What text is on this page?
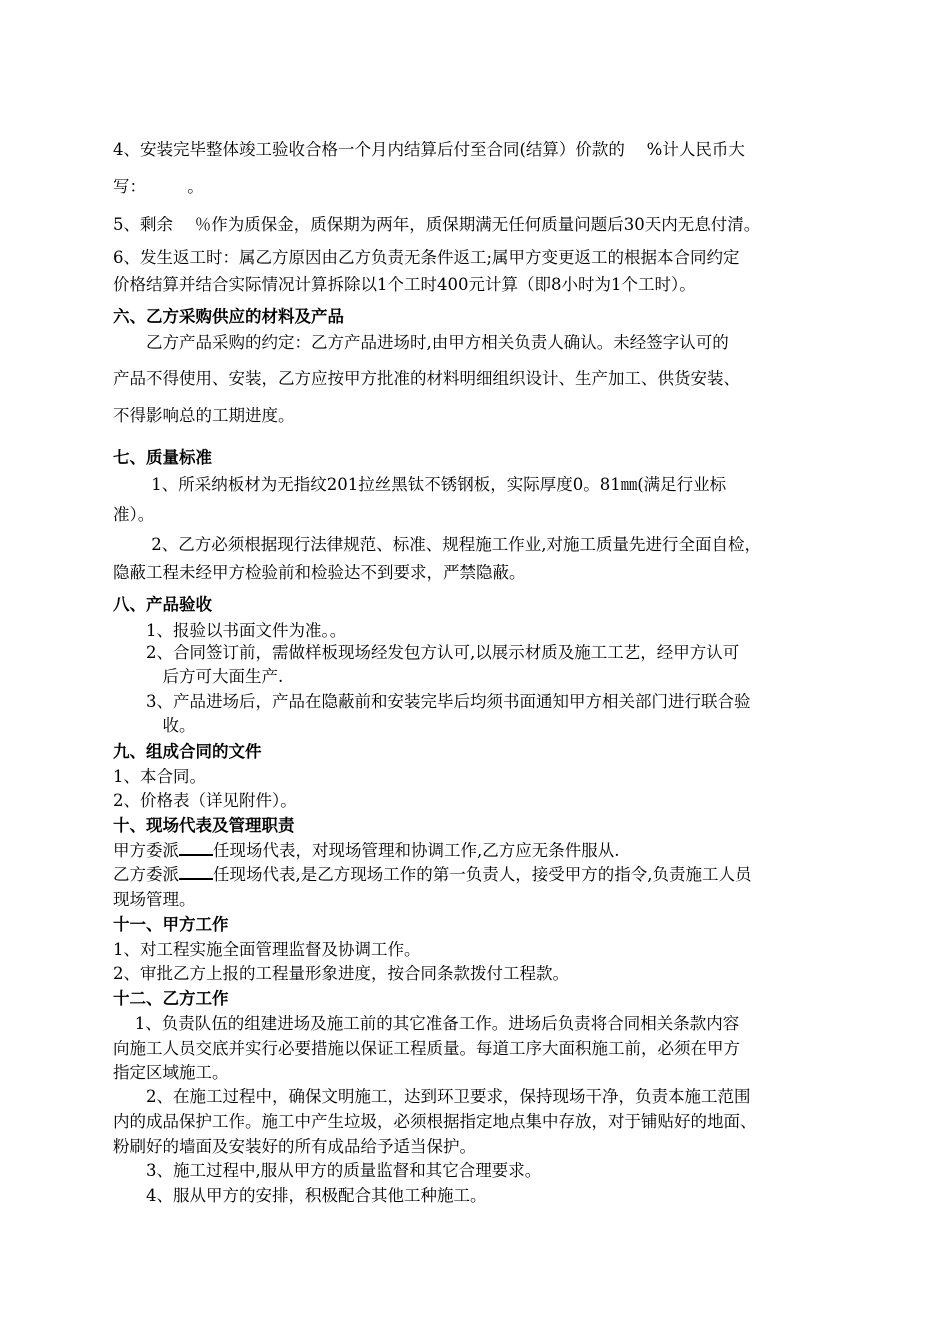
4、安装完毕整体竣工验收合格一个月内结算后付至合同(结算）价款的　 %计人民币大
写：　　　。
5、剩余　 ％作为质保金，质保期为两年，质保期满无任何质量问题后30天内无息付清。
6、发生返工时：属乙方原因由乙方负责无条件返工;属甲方变更返工的根据本合同约定
价格结算并结合实际情况计算拆除以1个工时400元计算（即8小时为1个工时）。
六、乙方采购供应的材料及产品
　　乙方产品采购的约定：乙方产品进场时,由甲方相关负责人确认。未经签字认可的
产品不得使用、安装，乙方应按甲方批准的材料明细组织设计、生产加工、供货安装、
不得影响总的工期进度。
七、质量标准
　　 1、所采纳板材为无指纹201拉丝黑钛不锈钢板，实际厚度0。81㎜(满足行业标
准）。
　　 2、乙方必须根据现行法律规范、标准、规程施工作业,对施工质量先进行全面自检，
隐蔽工程未经甲方检验前和检验达不到要求，严禁隐蔽。
八、产品验收
　　1、报验以书面文件为准。。
　　2、合同签订前，需做样板现场经发包方认可,以展示材质及施工工艺，经甲方认可
　　　后方可大面生产.
　　3、产品进场后，产品在隐蔽前和安装完毕后均须书面通知甲方相关部门进行联合验
　　　收。
九、组成合同的文件
1、本合同。
2、价格表（详见附件）。
十、现场代表及管理职责
甲方委派 任现场代表，对现场管理和协调工作,乙方应无条件服从.
乙方委派 任现场代表,是乙方现场工作的第一负责人，接受甲方的指令,负责施工人员
现场管理。
十一、甲方工作
1、对工程实施全面管理监督及协调工作。
2、审批乙方上报的工程量形象进度，按合同条款拨付工程款。
十二、乙方工作
　 1、负责队伍的组建进场及施工前的其它准备工作。进场后负责将合同相关条款内容
向施工人员交底并实行必要措施以保证工程质量。每道工序大面积施工前，必须在甲方
指定区域施工。
　　2、在施工过程中，确保文明施工，达到环卫要求，保持现场干净，负责本施工范围
内的成品保护工作。施工中产生垃圾，必须根据指定地点集中存放，对于铺贴好的地面、
粉刷好的墙面及安装好的所有成品给予适当保护。
　　3、施工过程中,服从甲方的质量监督和其它合理要求。
　　4、服从甲方的安排，积极配合其他工种施工。
